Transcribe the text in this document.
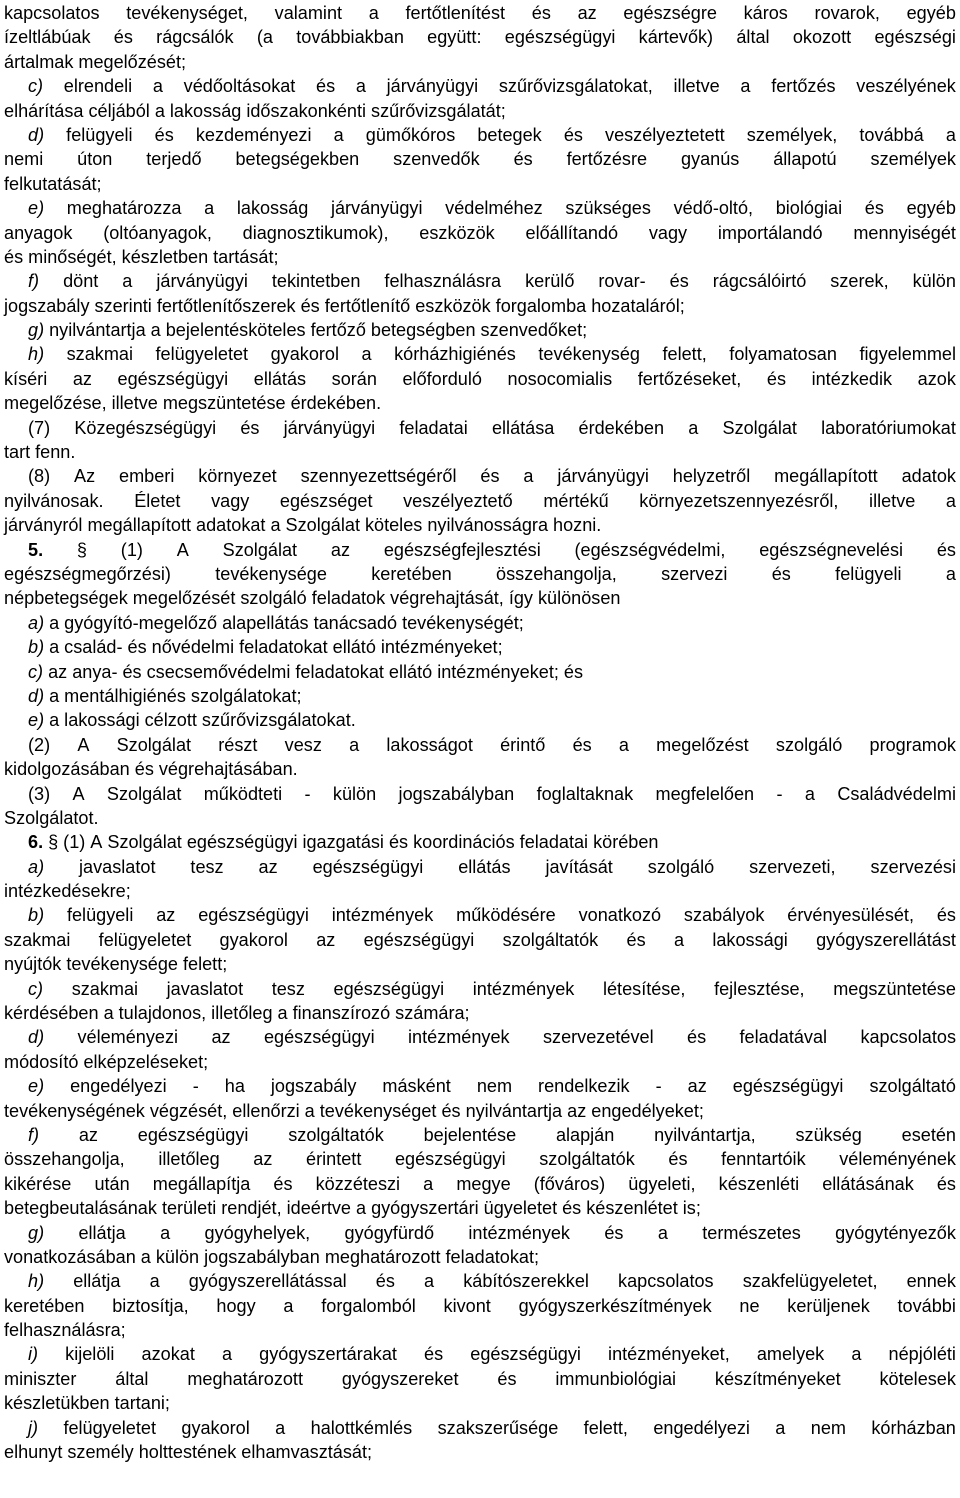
kapcsolatos tevékenységet, valamint a fertőtlenítést és az egészségre káros rovarok, egyéb
ízeltlábúak és rágcsálók (a továbbiakban együtt: egészségügyi kártevők) által okozott egészségi
ártalmak megelőzését;
c) elrendeli a védőoltásokat és a járványügyi szűrővizsgálatokat, illetve a fertőzés veszélyének
elhárítása céljából a lakosság időszakonkénti szűrővizsgálatát;
d) felügyeli és kezdeményezi a gümőkóros betegek és veszélyeztetett személyek, továbbá a
nemi úton terjedő betegségekben szenvedők és fertőzésre gyanús állapotú személyek
felkutatását;
e) meghatározza a lakosság járványügyi védelméhez szükséges védő-oltó, biológiai és egyéb
anyagok (oltóanyagok, diagnosztikumok), eszközök előállítandó vagy importálandó mennyiségét
és minőségét, készletben tartását;
f) dönt a járványügyi tekintetben felhasználásra kerülő rovar- és rágcsálóirtó szerek, külön
jogszabály szerinti fertőtlenítőszerek és fertőtlenítő eszközök forgalomba hozataláról;
g) nyilvántartja a bejelentésköteles fertőző betegségben szenvedőket;
h) szakmai felügyeletet gyakorol a kórházhigiénés tevékenység felett, folyamatosan figyelemmel
kíséri az egészségügyi ellátás során előforduló nosocomialis fertőzéseket, és intézkedik azok
megelőzése, illetve megszüntetése érdekében.
(7) Közegészségügyi és járványügyi feladatai ellátása érdekében a Szolgálat laboratóriumokat
tart fenn.
(8) Az emberi környezet szennyezettségéről és a járványügyi helyzetről megállapított adatok
nyilvánosak. Életet vagy egészséget veszélyeztető mértékű környezetszennyezésről, illetve a
járványról megállapított adatokat a Szolgálat köteles nyilvánosságra hozni.
5. § (1) A Szolgálat az egészségfejlesztési (egészségvédelmi, egészségnevelési és
egészségmegőrzési) tevékenysége keretében összehangolja, szervezi és felügyeli a
népbetegségek megelőzését szolgáló feladatok végrehajtását, így különösen
a) a gyógyító-megelőző alapellátás tanácsadó tevékenységét;
b) a család- és nővédelmi feladatokat ellátó intézményeket;
c) az anya- és csecsemővédelmi feladatokat ellátó intézményeket; és
d) a mentálhigiénés szolgálatokat;
e) a lakossági célzott szűrővizsgálatokat.
(2) A Szolgálat részt vesz a lakosságot érintő és a megelőzést szolgáló programok
kidolgozásában és végrehajtásában.
(3) A Szolgálat működteti - külön jogszabályban foglaltaknak megfelelően - a Családvédelmi
Szolgálatot.
6. § (1) A Szolgálat egészségügyi igazgatási és koordinációs feladatai körében
a) javaslatot tesz az egészségügyi ellátás javítását szolgáló szervezeti, szervezési
intézkedésekre;
b) felügyeli az egészségügyi intézmények működésére vonatkozó szabályok érvényesülését, és
szakmai felügyeletet gyakorol az egészségügyi szolgáltatók és a lakossági gyógyszerellátást
nyújtók tevékenysége felett;
c) szakmai javaslatot tesz egészségügyi intézmények létesítése, fejlesztése, megszüntetése
kérdésében a tulajdonos, illetőleg a finanszírozó számára;
d) véleményezi az egészségügyi intézmények szervezetével és feladatával kapcsolatos
módosító elképzeléseket;
e) engedélyezi - ha jogszabály másként nem rendelkezik - az egészségügyi szolgáltató
tevékenységének végzését, ellenőrzi a tevékenységet és nyilvántartja az engedélyeket;
f) az egészségügyi szolgáltatók bejelentése alapján nyilvántartja, szükség esetén
összehangolja, illetőleg az érintett egészségügyi szolgáltatók és fenntartóik véleményének
kikérése után megállapítja és közzéteszi a megye (főváros) ügyeleti, készenléti ellátásának és
betegbeutalásának területi rendjét, ideértve a gyógyszertári ügyeletet és készenlétet is;
g) ellátja a gyógyhelyek, gyógyfürdő intézmények és a természetes gyógytényezők
vonatkozásában a külön jogszabályban meghatározott feladatokat;
h) ellátja a gyógyszerellátással és a kábítószerekkel kapcsolatos szakfelügyeletet, ennek
keretében biztosítja, hogy a forgalomból kivont gyógyszerkészítmények ne kerüljenek további
felhasználásra;
i) kijelöli azokat a gyógyszertárakat és egészségügyi intézményeket, amelyek a népjóléti
miniszter által meghatározott gyógyszereket és immunbiológiai készítményeket kötelesek
készletükben tartani;
j) felügyeletet gyakorol a halottkémlés szakszerűsége felett, engedélyezi a nem kórházban
elhunyt személy holttestének elhamvasztását;
